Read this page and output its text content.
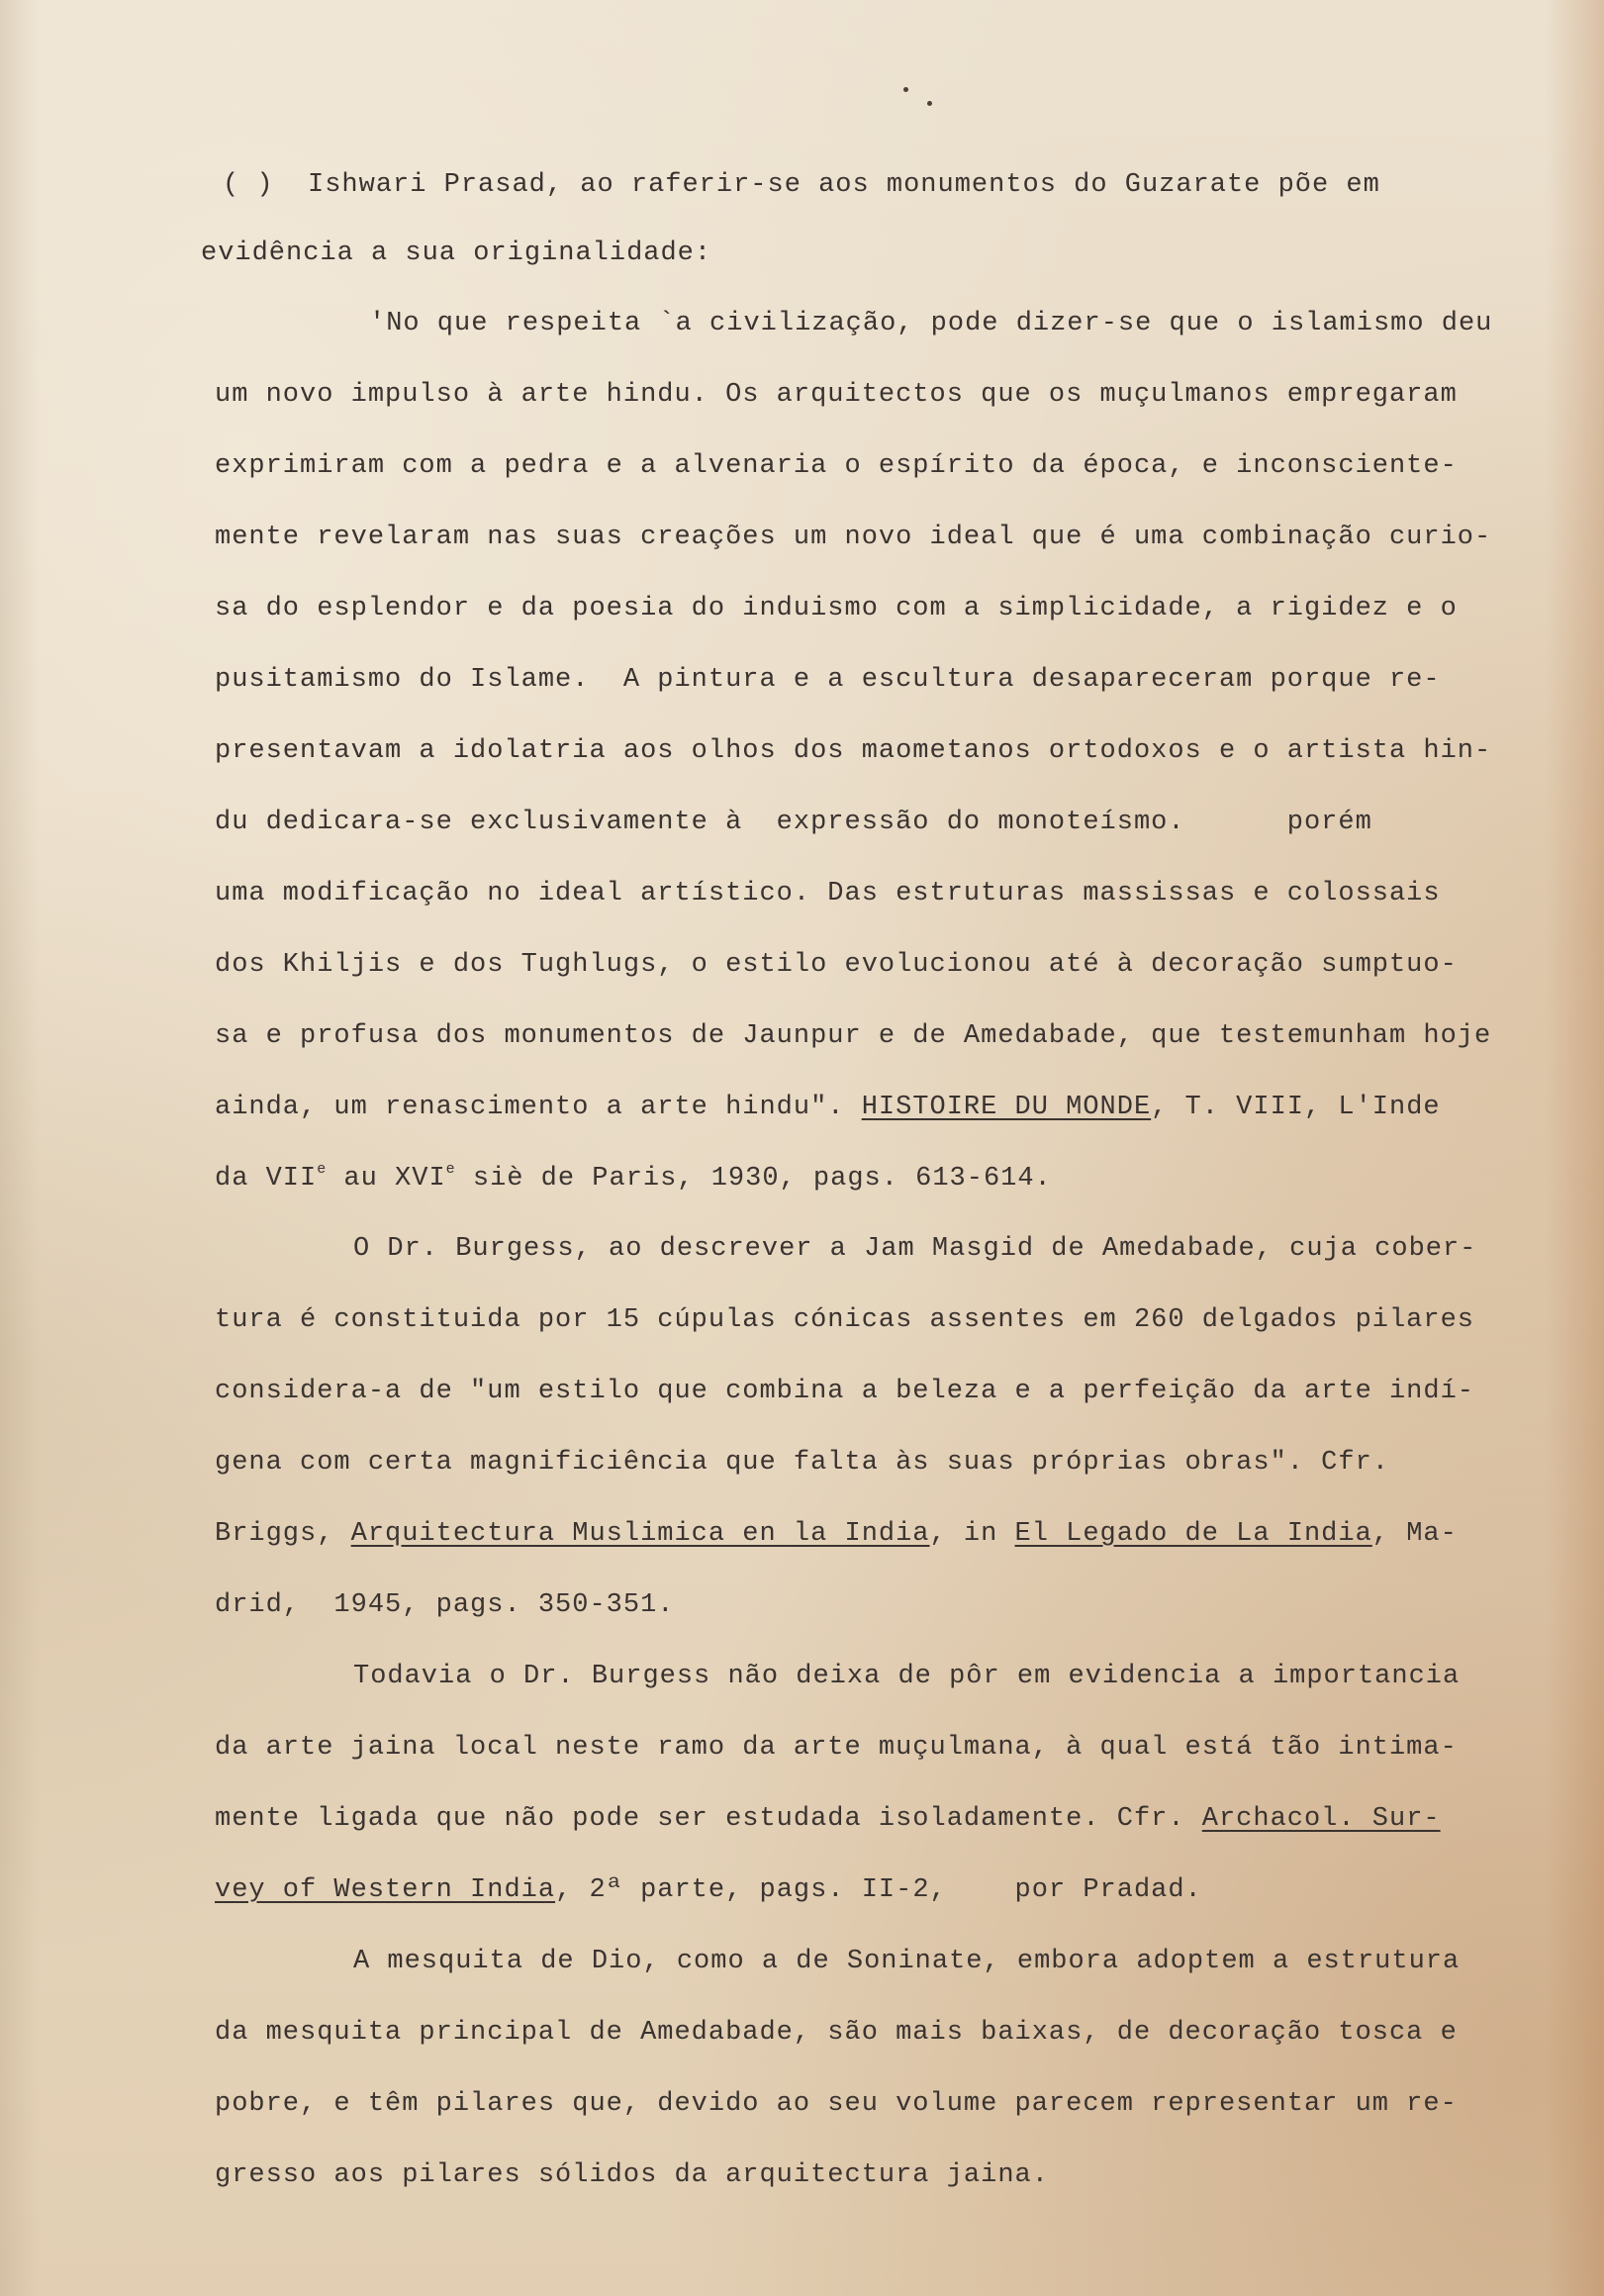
( )  Ishwari Prasad, ao raferir-se aos monumentos do Guzarate põe em
evidência a sua originalidade:
'No que respeita `a civilização, pode dizer-se que o islamismo deu
um novo impulso à arte hindu. Os arquitectos que os muçulmanos empregaram
exprimiram com a pedra e a alvenaria o espírito da época, e inconsciente-
mente revelaram nas suas creações um novo ideal que é uma combinação curio-
sa do esplendor e da poesia do induismo com a simplicidade, a rigidez e o
pusitamismo do Islame.  A pintura e a escultura desapareceram porque re-
presentavam a idolatria aos olhos dos maometanos ortodoxos e o artista hin-
du dedicara-se exclusivamente à  expressão do monoteísmo.      porém
uma modificação no ideal artístico. Das estruturas massissas e colossais
dos Khiljis e dos Tughlugs, o estilo evolucionou até à decoração sumptuo-
sa e profusa dos monumentos de Jaunpur e de Amedabade, que testemunham hoje
ainda, um renascimento a arte hindu". HISTOIRE DU MONDE, T. VIII, L'Inde
da VIIe au XVIe siè de Paris, 1930, pags. 613-614.
O Dr. Burgess, ao descrever a Jam Masgid de Amedabade, cuja cober-
tura é constituida por 15 cúpulas cónicas assentes em 260 delgados pilares
considera-a de "um estilo que combina a beleza e a perfeição da arte indí-
gena com certa magnificiência que falta às suas próprias obras". Cfr.
Briggs, Arquitectura Muslimica en la India, in El Legado de La India, Ma-
drid,  1945, pags. 350-351.
Todavia o Dr. Burgess não deixa de pôr em evidencia a importancia
da arte jaina local neste ramo da arte muçulmana, à qual está tão intima-
mente ligada que não pode ser estudada isoladamente. Cfr. Archacol. Sur-
vey of Western India, 2ª parte, pags. II-2,    por Pradad.
A mesquita de Dio, como a de Soninate, embora adoptem a estrutura
da mesquita principal de Amedabade, são mais baixas, de decoração tosca e
pobre, e têm pilares que, devido ao seu volume parecem representar um re-
gresso aos pilares sólidos da arquitectura jaina.
